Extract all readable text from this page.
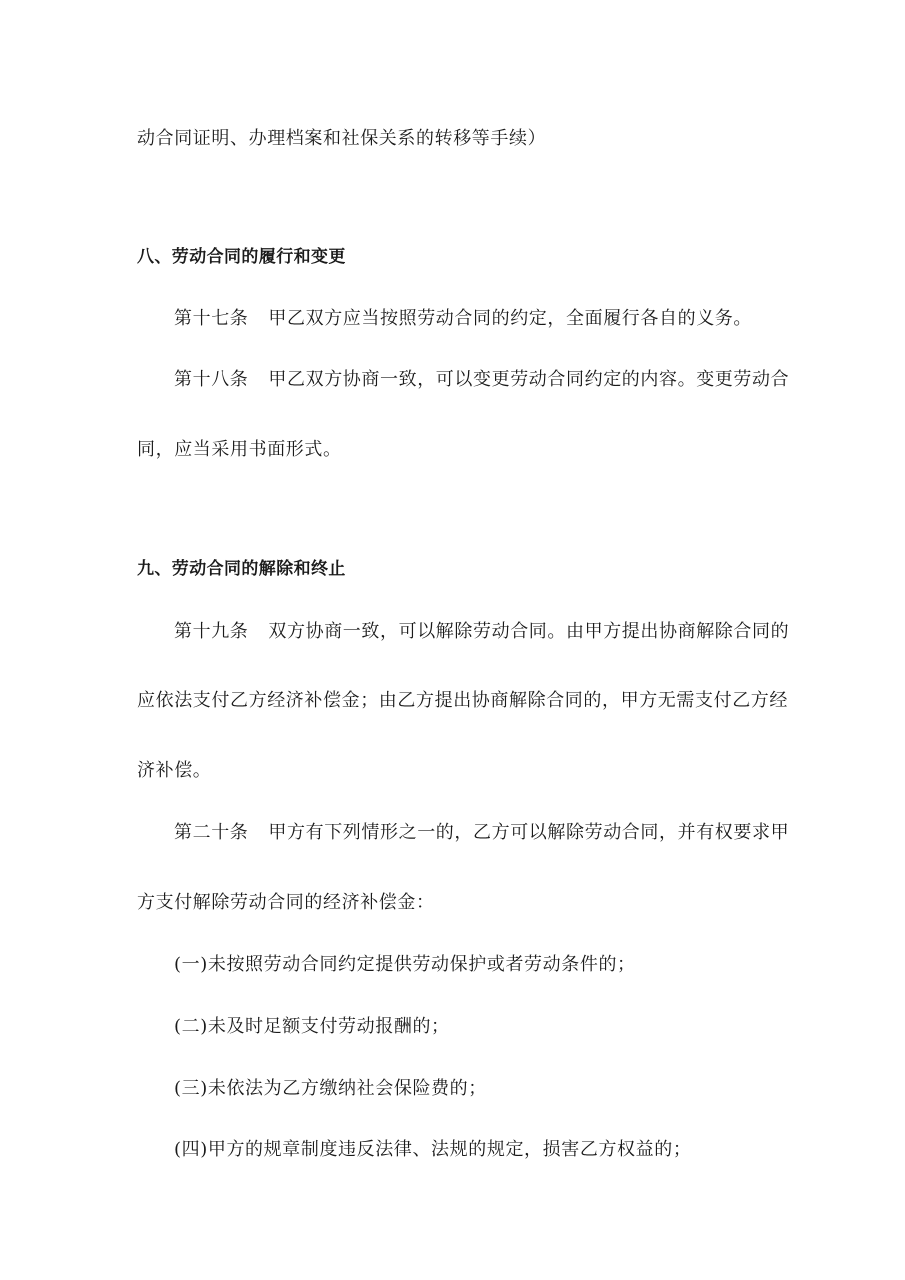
动合同证明、办理档案和社保关系的转移等手续）
八、劳动合同的履行和变更
第十七条 甲乙双方应当按照劳动合同的约定，全面履行各自的义务。
第十八条 甲乙双方协商一致，可以变更劳动合同约定的内容。变更劳动合
同，应当采用书面形式。
九、劳动合同的解除和终止
第十九条 双方协商一致，可以解除劳动合同。由甲方提出协商解除合同的
应依法支付乙方经济补偿金；由乙方提出协商解除合同的，甲方无需支付乙方经
济补偿。
第二十条 甲方有下列情形之一的，乙方可以解除劳动合同，并有权要求甲
方支付解除劳动合同的经济补偿金：
(一)未按照劳动合同约定提供劳动保护或者劳动条件的；
(二)未及时足额支付劳动报酬的；
(三)未依法为乙方缴纳社会保险费的；
(四)甲方的规章制度违反法律、法规的规定，损害乙方权益的；
